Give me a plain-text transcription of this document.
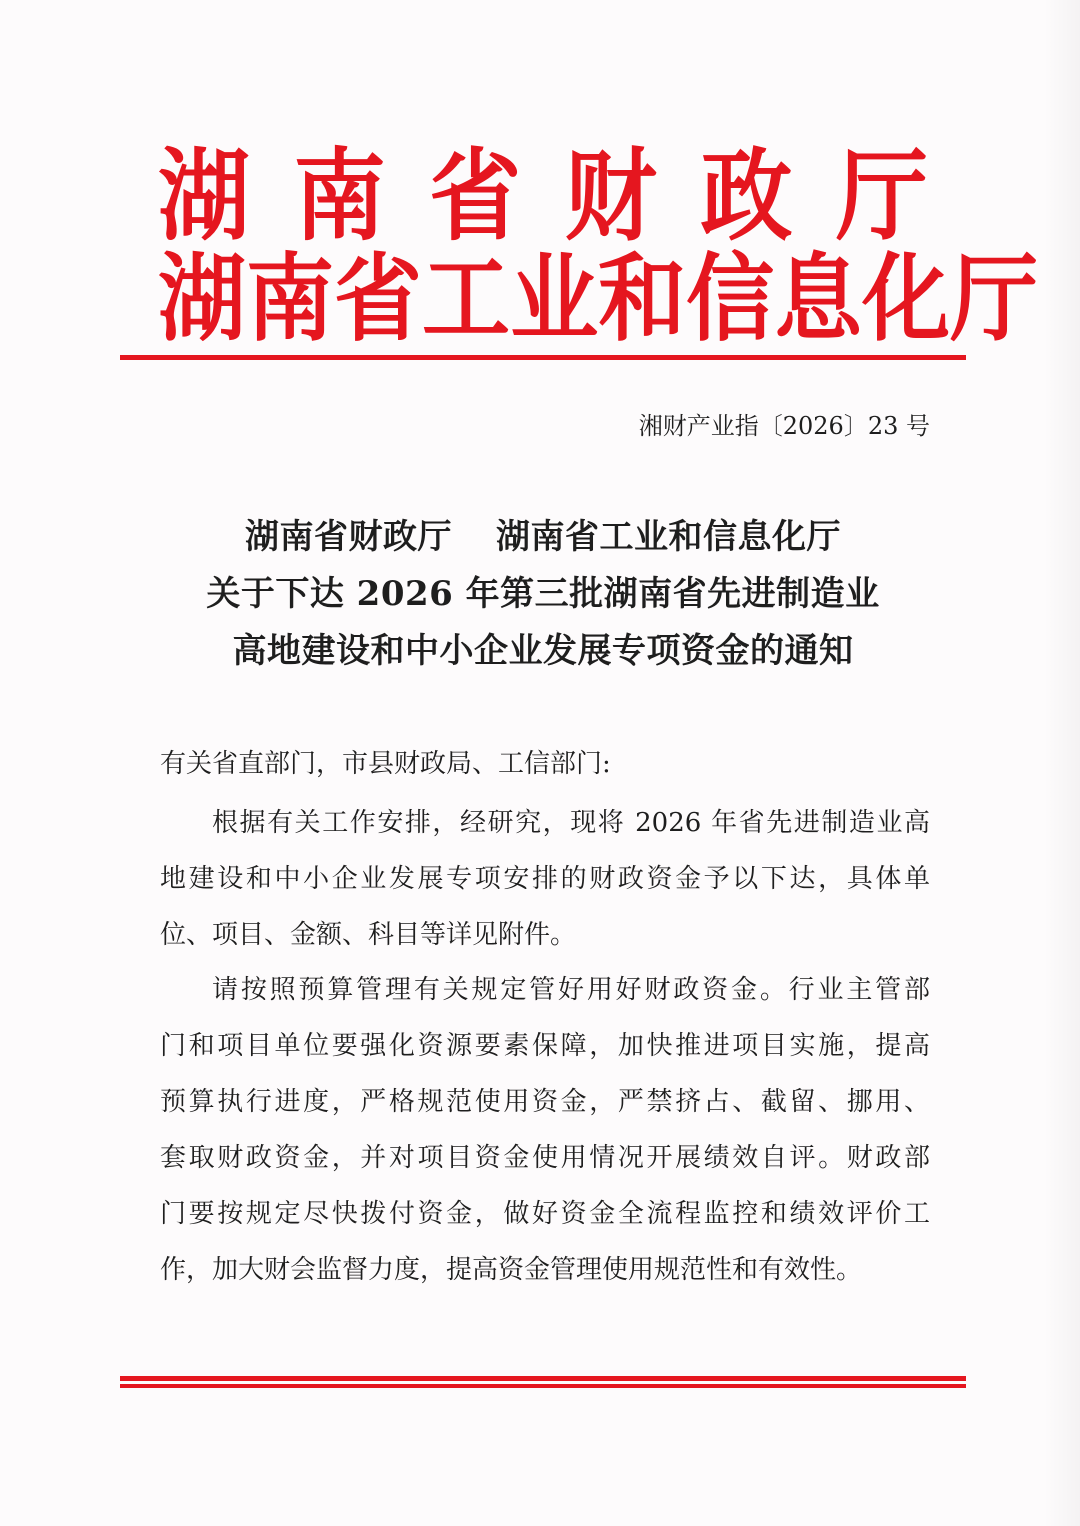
湖 南 省 财 政 厅
湖 南 省 工 业 和 信 息 化 厅
湘财产业指〔2026〕23 号
湖南省财政厅 湖南省工业和信息化厅
关于下达 2026 年第三批湖南省先进制造业
高地建设和中小企业发展专项资金的通知
有关省直部门，市县财政局、工信部门:
根据有关工作安排，经研究，现将 2026 年省先进制造业高
地建设和中小企业发展专项安排的财政资金予以下达，具体单
位、项目、金额、科目等详见附件。
请按照预算管理有关规定管好用好财政资金。行业主管部
门和项目单位要强化资源要素保障，加快推进项目实施，提高
预算执行进度，严格规范使用资金，严禁挤占、截留、挪用、
套取财政资金，并对项目资金使用情况开展绩效自评。财政部
门要按规定尽快拨付资金，做好资金全流程监控和绩效评价工
作，加大财会监督力度，提高资金管理使用规范性和有效性。
